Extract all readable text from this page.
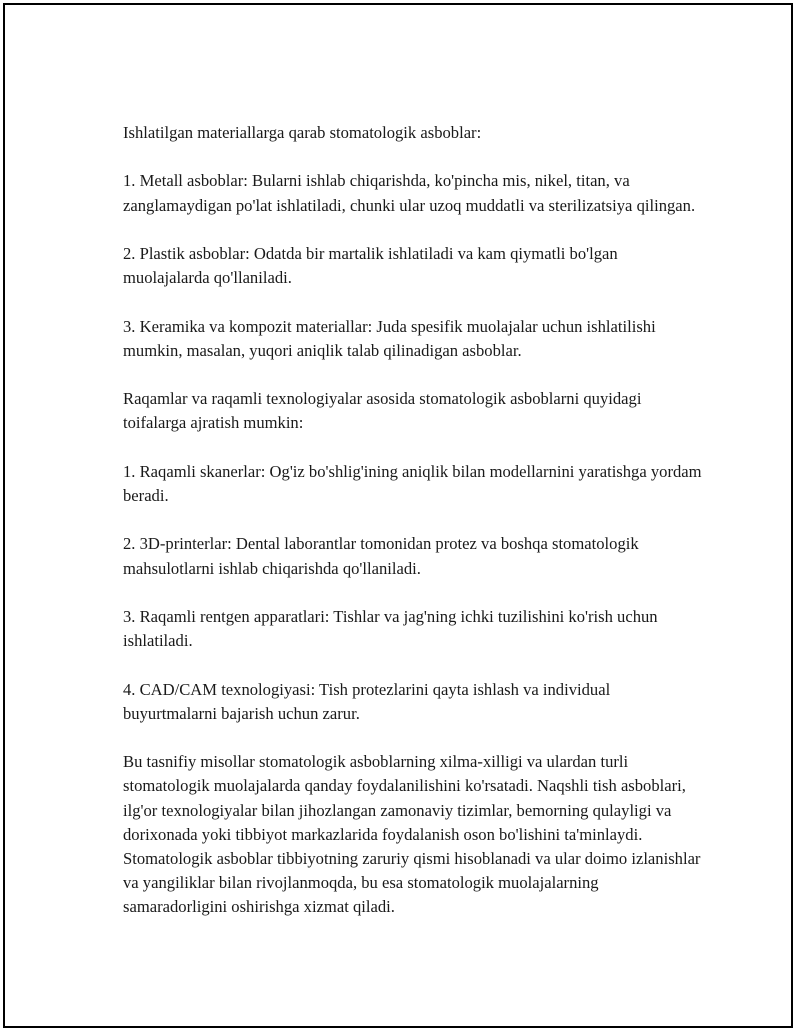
Ishlatilgan materiallarga qarab stomatologik asboblar:

1. Metall asboblar: Bularni ishlab chiqarishda, ko'pincha mis, nikel, titan, va zanglamaydigan po'lat ishlatiladi, chunki ular uzoq muddatli va sterilizatsiya qilingan.

2. Plastik asboblar: Odatda bir martalik ishlatiladi va kam qiymatli bo'lgan muolajalarda qo'llaniladi.

3. Keramika va kompozit materiallar: Juda spesifik muolajalar uchun ishlatilishi mumkin, masalan, yuqori aniqlik talab qilinadigan asboblar.

Raqamlar va raqamli texnologiyalar asosida stomatologik asboblarni quyidagi toifalarga ajratish mumkin:

1. Raqamli skanerlar: Og'iz bo'shlig'ining aniqlik bilan modellarnini yaratishga yordam beradi.

2. 3D-printerlar: Dental laborantlar tomonidan protez va boshqa stomatologik mahsulotlarni ishlab chiqarishda qo'llaniladi.

3. Raqamli rentgen apparatlari: Tishlar va jag'ning ichki tuzilishini ko'rish uchun ishlatiladi.

4. CAD/CAM texnologiyasi: Tish protezlarini qayta ishlash va individual buyurtmalarni bajarish uchun zarur.

Bu tasnifiy misollar stomatologik asboblarning xilma-xilligi va ulardan turli stomatologik muolajalarda qanday foydalanilishini ko'rsatadi. Naqshli tish asboblari, ilg'or texnologiyalar bilan jihozlangan zamonaviy tizimlar, bemorning qulayligi va dorixonada yoki tibbiyot markazlarida foydalanish oson bo'lishini ta'minlaydi. Stomatologik asboblar tibbiyotning zaruriy qismi hisoblanadi va ular doimo izlanishlar va yangiliklar bilan rivojlanmoqda, bu esa stomatologik muolajalarning samaradorligini oshirishga xizmat qiladi.
